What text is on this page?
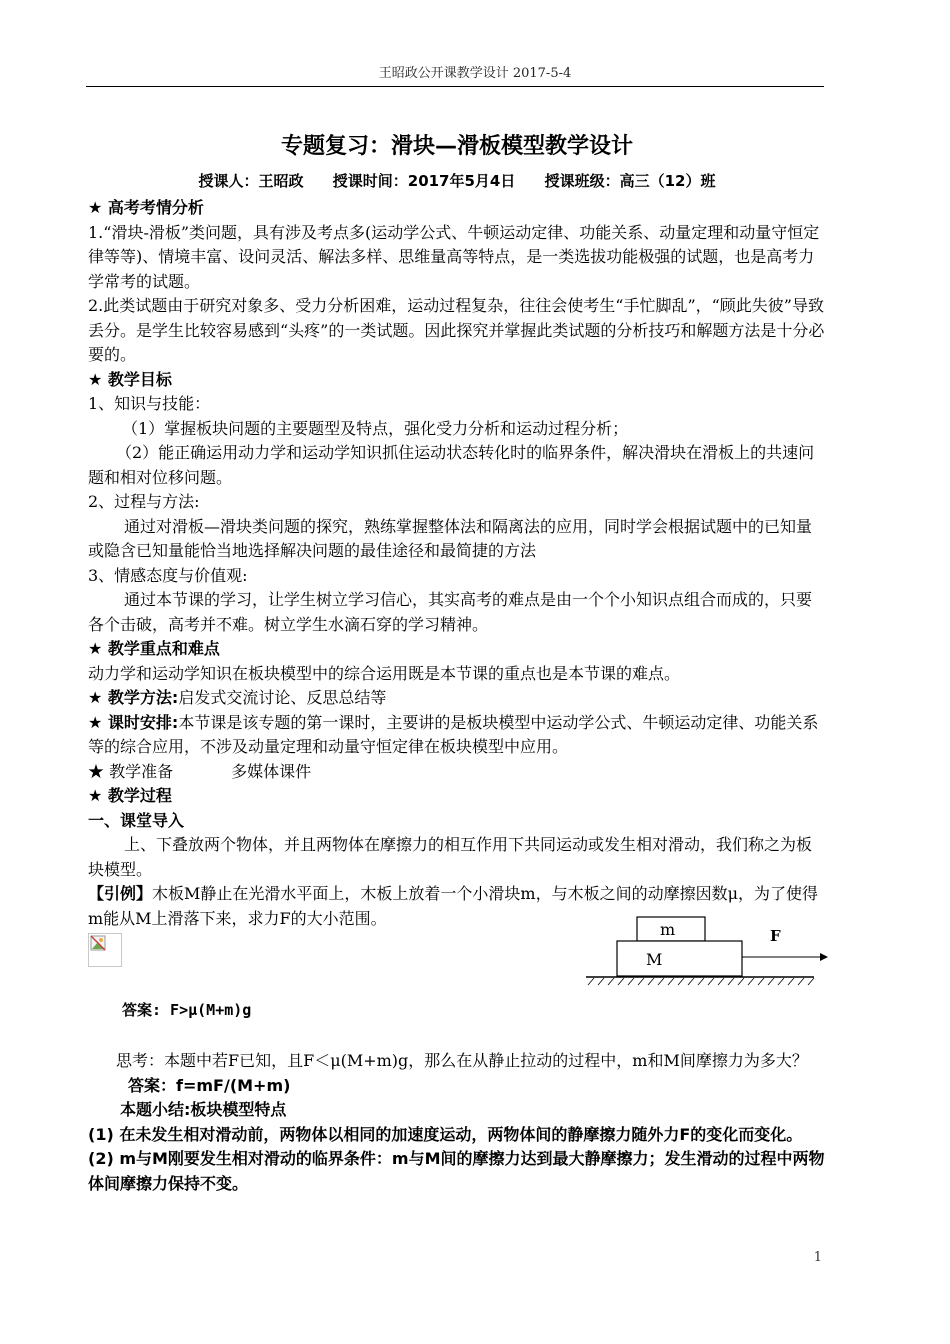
王昭政公开课教学设计 2017-5-4
专题复习：滑块—滑板模型教学设计
授课人：王昭政 授课时间：2017年5月4日 授课班级：高三（12）班
★ 高考考情分析

1.“滑块-滑板”类问题，具有涉及考点多(运动学公式、牛顿运动定律、功能关系、动量定理和动量守恒定律等等)、情境丰富、设问灵活、解法多样、思维量高等特点，是一类选拔功能极强的试题，也是高考力学常考的试题。

2.此类试题由于研究对象多、受力分析困难，运动过程复杂，往往会使考生“手忙脚乱”，“顾此失彼”导致丢分。是学生比较容易感到“头疼”的一类试题。因此探究并掌握此类试题的分析技巧和解题方法是十分必要的。

★ 教学目标

1、知识与技能：

（1）掌握板块问题的主要题型及特点，强化受力分析和运动过程分析；

（2）能正确运用动力学和运动学知识抓住运动状态转化时的临界条件，解决滑块在滑板上的共速问题和相对位移问题。

2、过程与方法:

通过对滑板—滑块类问题的探究，熟练掌握整体法和隔离法的应用，同时学会根据试题中的已知量或隐含已知量能恰当地选择解决问题的最佳途径和最简捷的方法

3、情感态度与价值观:

通过本节课的学习，让学生树立学习信心，其实高考的难点是由一个个小知识点组合而成的，只要各个击破，高考并不难。树立学生水滴石穿的学习精神。

★ 教学重点和难点

动力学和运动学知识在板块模型中的综合运用既是本节课的重点也是本节课的难点。

★ 教学方法:启发式交流讨论、反思总结等

★ 课时安排:本节课是该专题的第一课时，主要讲的是板块模型中运动学公式、牛顿运动定律、功能关系等的综合应用，不涉及动量定理和动量守恒定律在板块模型中应用。

★ 教学准备	多媒体课件

★ 教学过程
一、课堂导入

上、下叠放两个物体，并且两物体在摩擦力的相互作用下共同运动或发生相对滑动，我们称之为板块模型。

【引例】木板M静止在光滑水平面上，木板上放着一个小滑块m，与木板之间的动摩擦因数μ，为了使得m能从M上滑落下来，求力F的大小范围。

答案: F>μ(M+m)g
m
M
F

思考：本题中若F已知，且F＜μ(M+m)g，那么在从静止拉动的过程中，m和M间摩擦力为多大？答案：f=mF/(M+m)

本题小结:板块模型特点

(1) 在未发生相对滑动前，两物体以相同的加速度运动，两物体间的静摩擦力随外力F的变化而变化。

(2) m与M刚要发生相对滑动的临界条件：m与M间的摩擦力达到最大静摩擦力；发生滑动的过程中两物体间摩擦力保持不变。

1
